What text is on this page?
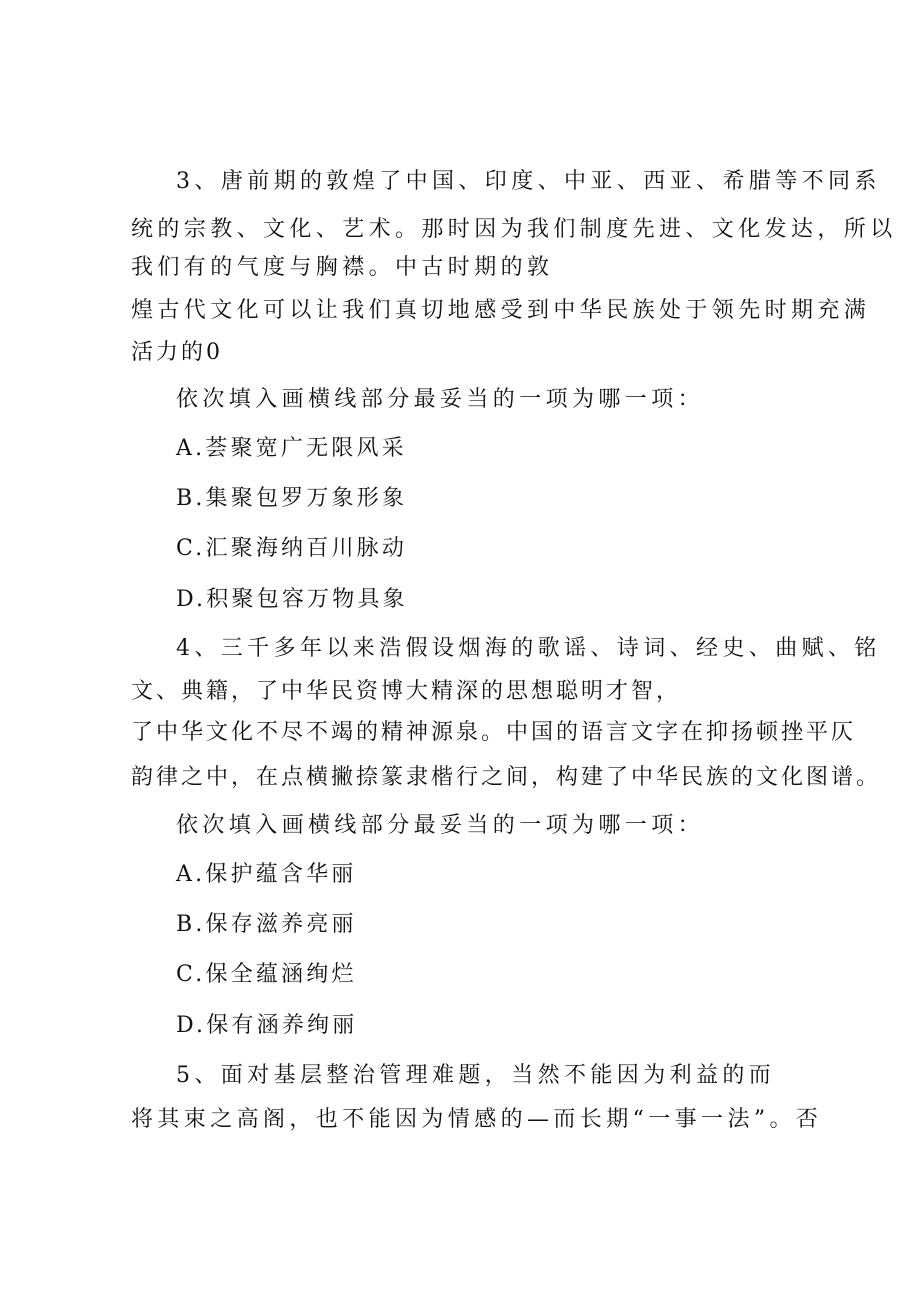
3、唐前期的敦煌了中国、印度、中亚、西亚、希腊等不同系
统的宗教、文化、艺术。那时因为我们制度先进、文化发达，所以
我们有的气度与胸襟。中古时期的敦
煌古代文化可以让我们真切地感受到中华民族处于领先时期充满
活力的0
依次填入画横线部分最妥当的一项为哪一项：
A.荟聚宽广无限风采
B.集聚包罗万象形象
C.汇聚海纳百川脉动
D.积聚包容万物具象
4、三千多年以来浩假设烟海的歌谣、诗词、经史、曲赋、铭
文、典籍，了中华民资博大精深的思想聪明才智，
了中华文化不尽不竭的精神源泉。中国的语言文字在抑扬顿挫平仄
韵律之中，在点横撇捺篆隶楷行之间，构建了中华民族的文化图谱。
依次填入画横线部分最妥当的一项为哪一项：
A.保护蕴含华丽
B.保存滋养亮丽
C.保全蕴涵绚烂
D.保有涵养绚丽
5、面对基层整治管理难题，当然不能因为利益的而
将其束之高阁，也不能因为情感的—而长期“一事一法”。否
